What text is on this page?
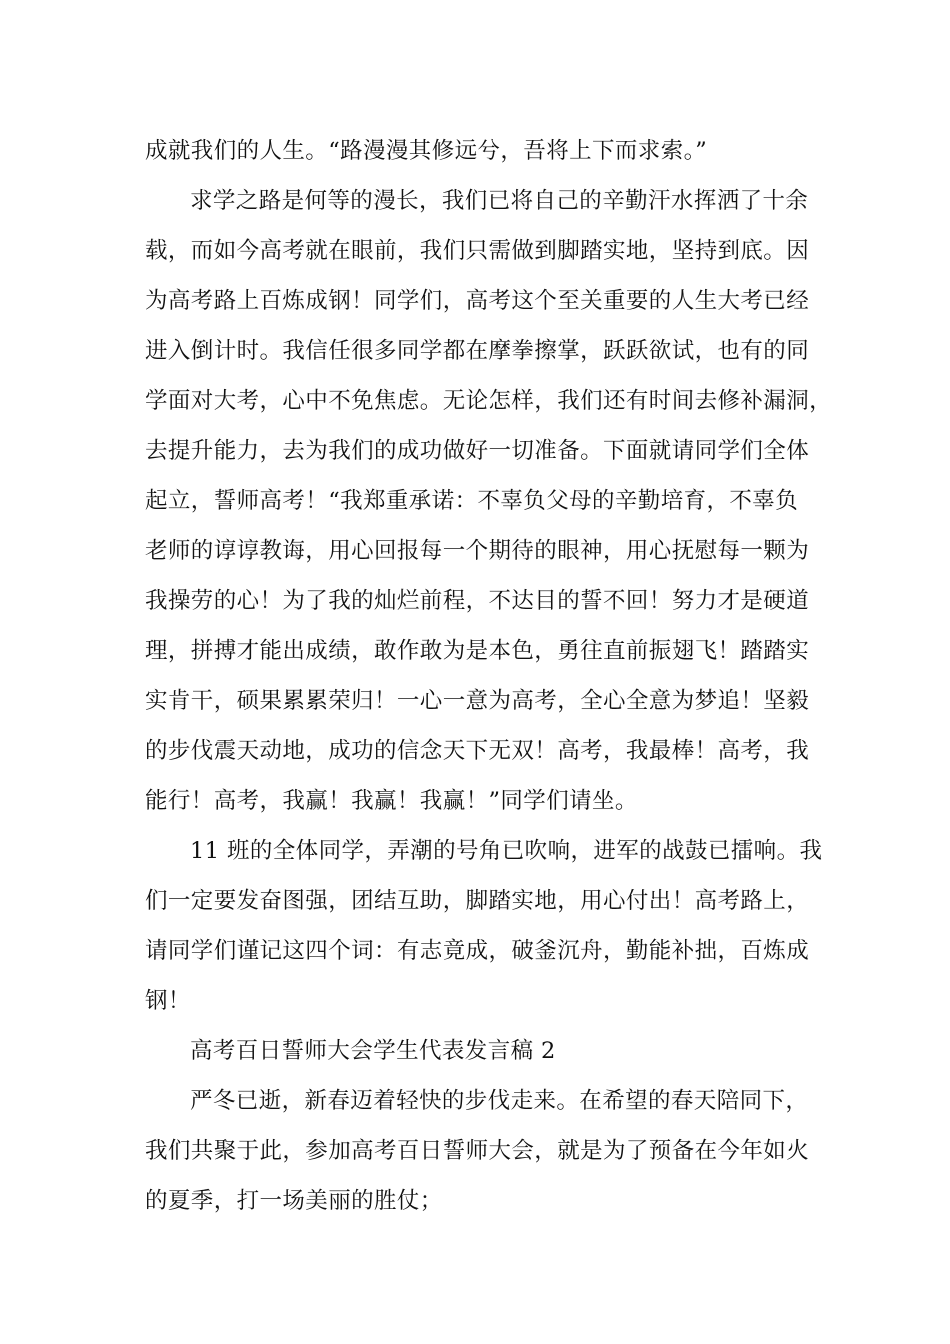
成就我们的人生。“路漫漫其修远兮，吾将上下而求索。”
求学之路是何等的漫长，我们已将自己的辛勤汗水挥洒了十余
载，而如今高考就在眼前，我们只需做到脚踏实地，坚持到底。因
为高考路上百炼成钢！同学们，高考这个至关重要的人生大考已经
进入倒计时。我信任很多同学都在摩拳擦掌，跃跃欲试，也有的同
学面对大考，心中不免焦虑。无论怎样，我们还有时间去修补漏洞，
去提升能力，去为我们的成功做好一切准备。下面就请同学们全体
起立，誓师高考！“我郑重承诺：不辜负父母的辛勤培育，不辜负
老师的谆谆教诲，用心回报每一个期待的眼神，用心抚慰每一颗为
我操劳的心！为了我的灿烂前程，不达目的誓不回！努力才是硬道
理，拼搏才能出成绩，敢作敢为是本色，勇往直前振翅飞！踏踏实
实肯干，硕果累累荣归！一心一意为高考，全心全意为梦追！坚毅
的步伐震天动地，成功的信念天下无双！高考，我最棒！高考，我
能行！高考，我赢！我赢！我赢！”同学们请坐。
11 班的全体同学，弄潮的号角已吹响，进军的战鼓已擂响。我
们一定要发奋图强，团结互助，脚踏实地，用心付出！高考路上，
请同学们谨记这四个词：有志竟成，破釜沉舟，勤能补拙，百炼成
钢！
高考百日誓师大会学生代表发言稿 2
严冬已逝，新春迈着轻快的步伐走来。在希望的春天陪同下，
我们共聚于此，参加高考百日誓师大会，就是为了预备在今年如火
的夏季，打一场美丽的胜仗；
